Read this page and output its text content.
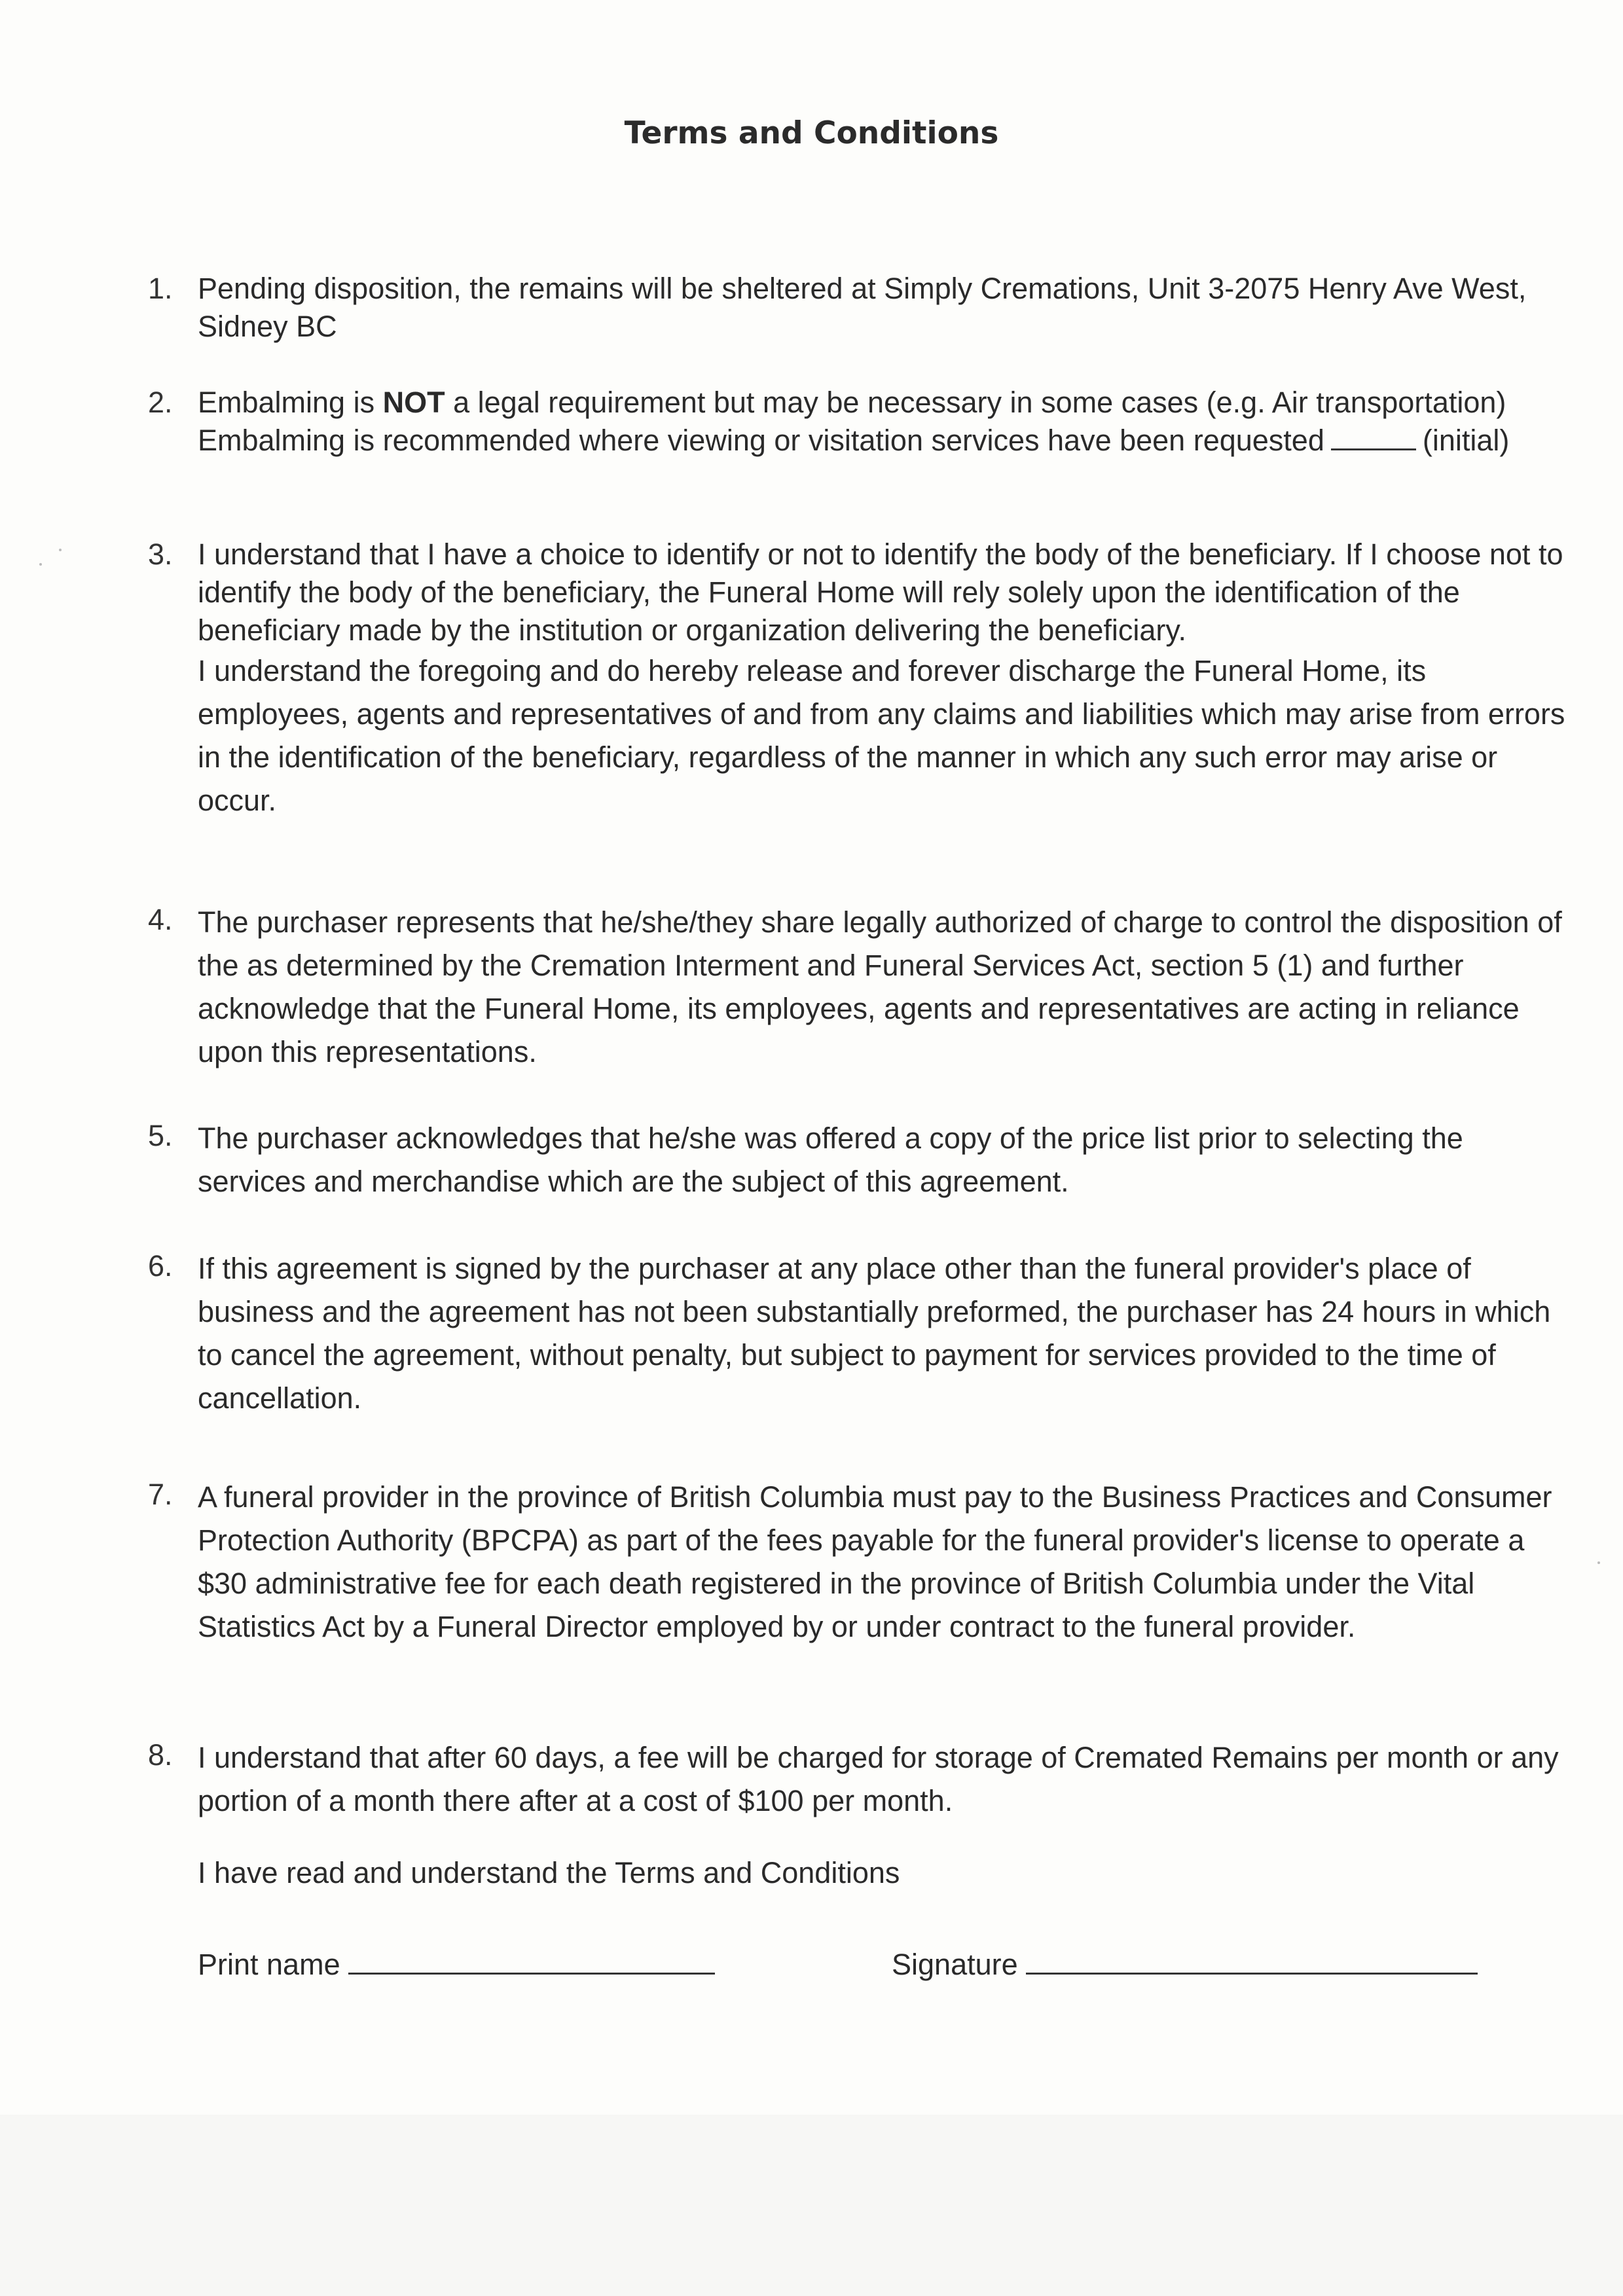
Terms and Conditions
1. Pending disposition, the remains will be sheltered at Simply Cremations, Unit 3-2075 Henry Ave West, Sidney BC
2. Embalming is NOT a legal requirement but may be necessary in some cases (e.g. Air transportation) Embalming is recommended where viewing or visitation services have been requested	(initial)
3. I understand that I have a choice to identify or not to identify the body of the beneficiary. If I choose not to identify the body of the beneficiary, the Funeral Home will rely solely upon the identification of the beneficiary made by the institution or organization delivering the beneficiary.
I understand the foregoing and do hereby release and forever discharge the Funeral Home, its employees, agents and representatives of and from any claims and liabilities which may arise from errors in the identification of the beneficiary, regardless of the manner in which any such error may arise or occur.
4. The purchaser represents that he/she/they share legally authorized of charge to control the disposition of the as determined by the Cremation Interment and Funeral Services Act, section 5 (1) and further acknowledge that the Funeral Home, its employees, agents and representatives are acting in reliance upon this representations.
5. The purchaser acknowledges that he/she was offered a copy of the price list prior to selecting the services and merchandise which are the subject of this agreement.
6. If this agreement is signed by the purchaser at any place other than the funeral provider's place of business and the agreement has not been substantially preformed, the purchaser has 24 hours in which to cancel the agreement, without penalty, but subject to payment for services provided to the time of cancellation.
7. A funeral provider in the province of British Columbia must pay to the Business Practices and Consumer Protection Authority (BPCPA) as part of the fees payable for the funeral provider's license to operate a $30 administrative fee for each death registered in the province of British Columbia under the Vital Statistics Act by a Funeral Director employed by or under contract to the funeral provider.
8. I understand that after 60 days, a fee will be charged for storage of Cremated Remains per month or any portion of a month there after at a cost of $100 per month.
I have read and understand the Terms and Conditions
Print name	Signature
